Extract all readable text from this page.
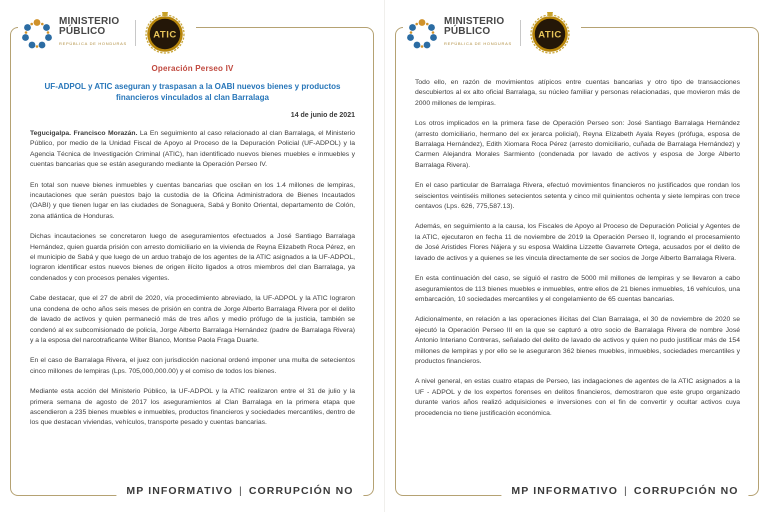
MINISTERIO
PÚBLICO
REPÚBLICA DE HONDURAS
ATIC
Operación Perseo IV
UF-ADPOL y ATIC aseguran y traspasan a la OABI nuevos bienes y productos financieros vinculados al clan Barralaga
14 de junio de 2021

Tegucigalpa. Francisco Morazán. La En seguimiento al caso relacionado al clan Barralaga, el Ministerio Público, por medio de la Unidad Fiscal de Apoyo al Proceso de la Depuración Policial (UF-ADPOL) y la Agencia Técnica de Investigación Criminal (ATIC), han identificado nuevos bienes muebles e inmuebles y cuentas bancarias que se están asegurando mediante la Operación Perseo IV.

En total son nueve bienes inmuebles y cuentas bancarias que oscilan en los 1.4 millones de lempiras, incautaciones que serán puestos bajo la custodia de la Oficina Administradora de Bienes Incautados (OABI) y que tienen lugar en las ciudades de Sonaguera, Sabá y Bonito Oriental, departamento de Colón, zona atlántica de Honduras.

Dichas incautaciones se concretaron luego de aseguramientos efectuados a José Santiago Barralaga Hernández, quien guarda prisión con arresto domiciliario en la vivienda de Reyna Elizabeth Roca Pérez, en el municipio de Sabá y que luego de un arduo trabajo de los agentes de la ATIC asignados a la UF-ADPOL, lograron identificar estos nuevos bienes de origen ilícito ligados a otros miembros del clan Barralaga, ya condenados y con procesos penales vigentes.

Cabe destacar, que el 27 de abril de 2020, vía procedimiento abreviado, la UF-ADPOL y la ATIC lograron una condena de ocho años seis meses de prisión en contra de Jorge Alberto Barralaga Rivera por el delito de lavado de activos y quien permaneció más de tres años y medio prófugo de la justicia, también se condenó al ex subcomisionado de policía, Jorge Alberto Barralaga Hernández (padre de Barralaga Rivera) y a la esposa del narcotraficante Wilter Blanco, Montse Paola Fraga Duarte.

En el caso de Barralaga Rivera, el juez con jurisdicción nacional ordenó imponer una multa de setecientos cinco millones de lempiras (Lps. 705,000,000.00) y el comiso de todos los bienes.

Mediante esta acción del Ministerio Público, la UF-ADPOL y la ATIC realizaron entre el 31 de julio y la primera semana de agosto de 2017 los aseguramientos al Clan Barralaga en la primera etapa que ascendieron a 235 bienes muebles e inmuebles, productos financieros y sociedades mercantiles, dentro de los que destacan viviendas, vehículos, transporte pesado y cuentas bancarias.

MP INFORMATIVO | CORRUPCIÓN NO
MINISTERIO
PÚBLICO
REPÚBLICA DE HONDURAS
ATIC

Todo ello, en razón de movimientos atípicos entre cuentas bancarias y otro tipo de transacciones descubiertos al ex alto oficial Barralaga, su núcleo familiar y personas relacionadas, que movieron más de 2000 millones de lempiras.

Los otros implicados en la primera fase de Operación Perseo son: José Santiago Barralaga Hernández (arresto domiciliario, hermano del ex jerarca policial), Reyna Elizabeth Ayala Reyes (prófuga, esposa de Barralaga Hernández), Edith Xiomara Roca Pérez (arresto domiciliario, cuñada de Barralaga Hernández) y Carmen Alejandra Morales Sarmiento (condenada por lavado de activos y esposa de Jorge Alberto Barralaga Rivera).

En el caso particular de Barralaga Rivera, efectuó movimientos financieros no justificados que rondan los seiscientos veintiséis millones setecientos setenta y cinco mil quinientos ochenta y siete lempiras con trece centavos (Lps. 626, 775,587.13).

Además, en seguimiento a la causa, los Fiscales de Apoyo al Proceso de Depuración Policial y Agentes de la ATIC, ejecutaron en fecha 11 de noviembre de 2019 la Operación Perseo II, logrando el procesamiento de José Aristides Flores Nájera y su esposa Waldina Lizzette Gavarrete Ortega, acusados por el delito de lavado de activos y a quienes se les vincula directamente de ser socios de Jorge Alberto Barralaga Rivera.

En esta continuación del caso, se siguió el rastro de 5000 mil millones de lempiras y se llevaron a cabo aseguramientos de 113 bienes muebles e inmuebles, entre ellos de 21 bienes inmuebles, 16 vehículos, una embarcación, 10 sociedades mercantiles y el congelamiento de 65 cuentas bancarias.

Adicionalmente, en relación a las operaciones ilícitas del Clan Barralaga, el 30 de noviembre de 2020 se ejecutó la Operación Perseo III en la que se capturó a otro socio de Barralaga Rivera de nombre José Antonio Interiano Contreras, señalado del delito de lavado de activos y quien no pudo justificar más de 154 millones de lempiras y por ello se le aseguraron 362 bienes muebles, inmuebles, sociedades mercantiles y productos financieros.

A nivel general, en estas cuatro etapas de Perseo, las indagaciones de agentes de la ATIC asignados a la UF - ADPOL y de los expertos forenses en delitos financieros, demostraron que este grupo organizado durante varios años realizó adquisiciones e inversiones con el fin de convertir y ocultar activos cuya procedencia no tiene justificación económica.

MP INFORMATIVO | CORRUPCIÓN NO
